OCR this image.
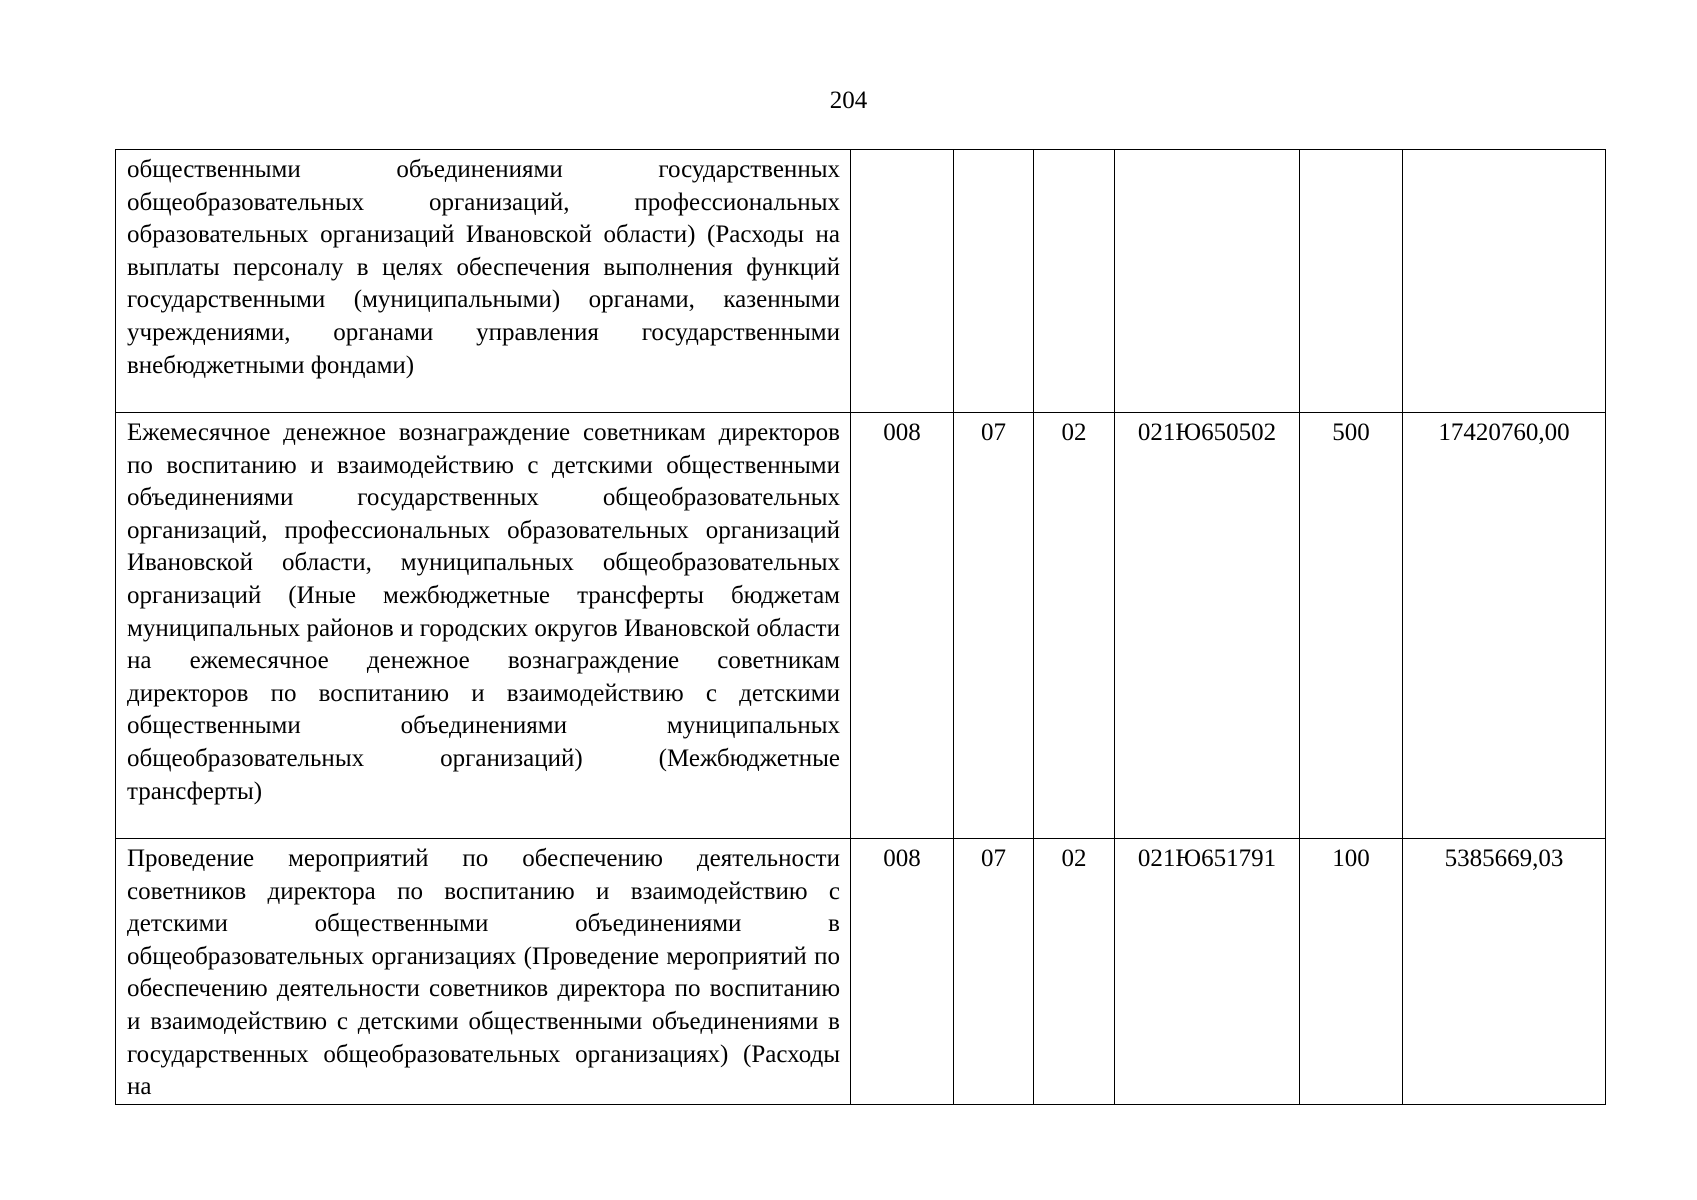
204
общественными объединениями государственных общеобразовательных организаций, профессиональных образовательных организаций Ивановской области) (Расходы на выплаты персоналу в целях обеспечения выполнения функций государственными (муниципальными) органами, казенными учреждениями, органами управления государственными внебюджетными фондами)						
Ежемесячное денежное вознаграждение советникам директоров по воспитанию и взаимодействию с детскими общественными объединениями государственных общеобразовательных организаций, профессиональных образовательных организаций Ивановской области, муниципальных общеобразовательных организаций (Иные межбюджетные трансферты бюджетам муниципальных районов и городских округов Ивановской области на ежемесячное денежное вознаграждение советникам директоров по воспитанию и взаимодействию с детскими общественными объединениями муниципальных общеобразовательных организаций) (Межбюджетные трансферты)	008	07	02	021Ю650502	500	17420760,00
Проведение мероприятий по обеспечению деятельности советников директора по воспитанию и взаимодействию с детскими общественными объединениями в общеобразовательных организациях (Проведение мероприятий по обеспечению деятельности советников директора по воспитанию и взаимодействию с детскими общественными объединениями в государственных общеобразовательных организациях) (Расходы на	008	07	02	021Ю651791	100	5385669,03
